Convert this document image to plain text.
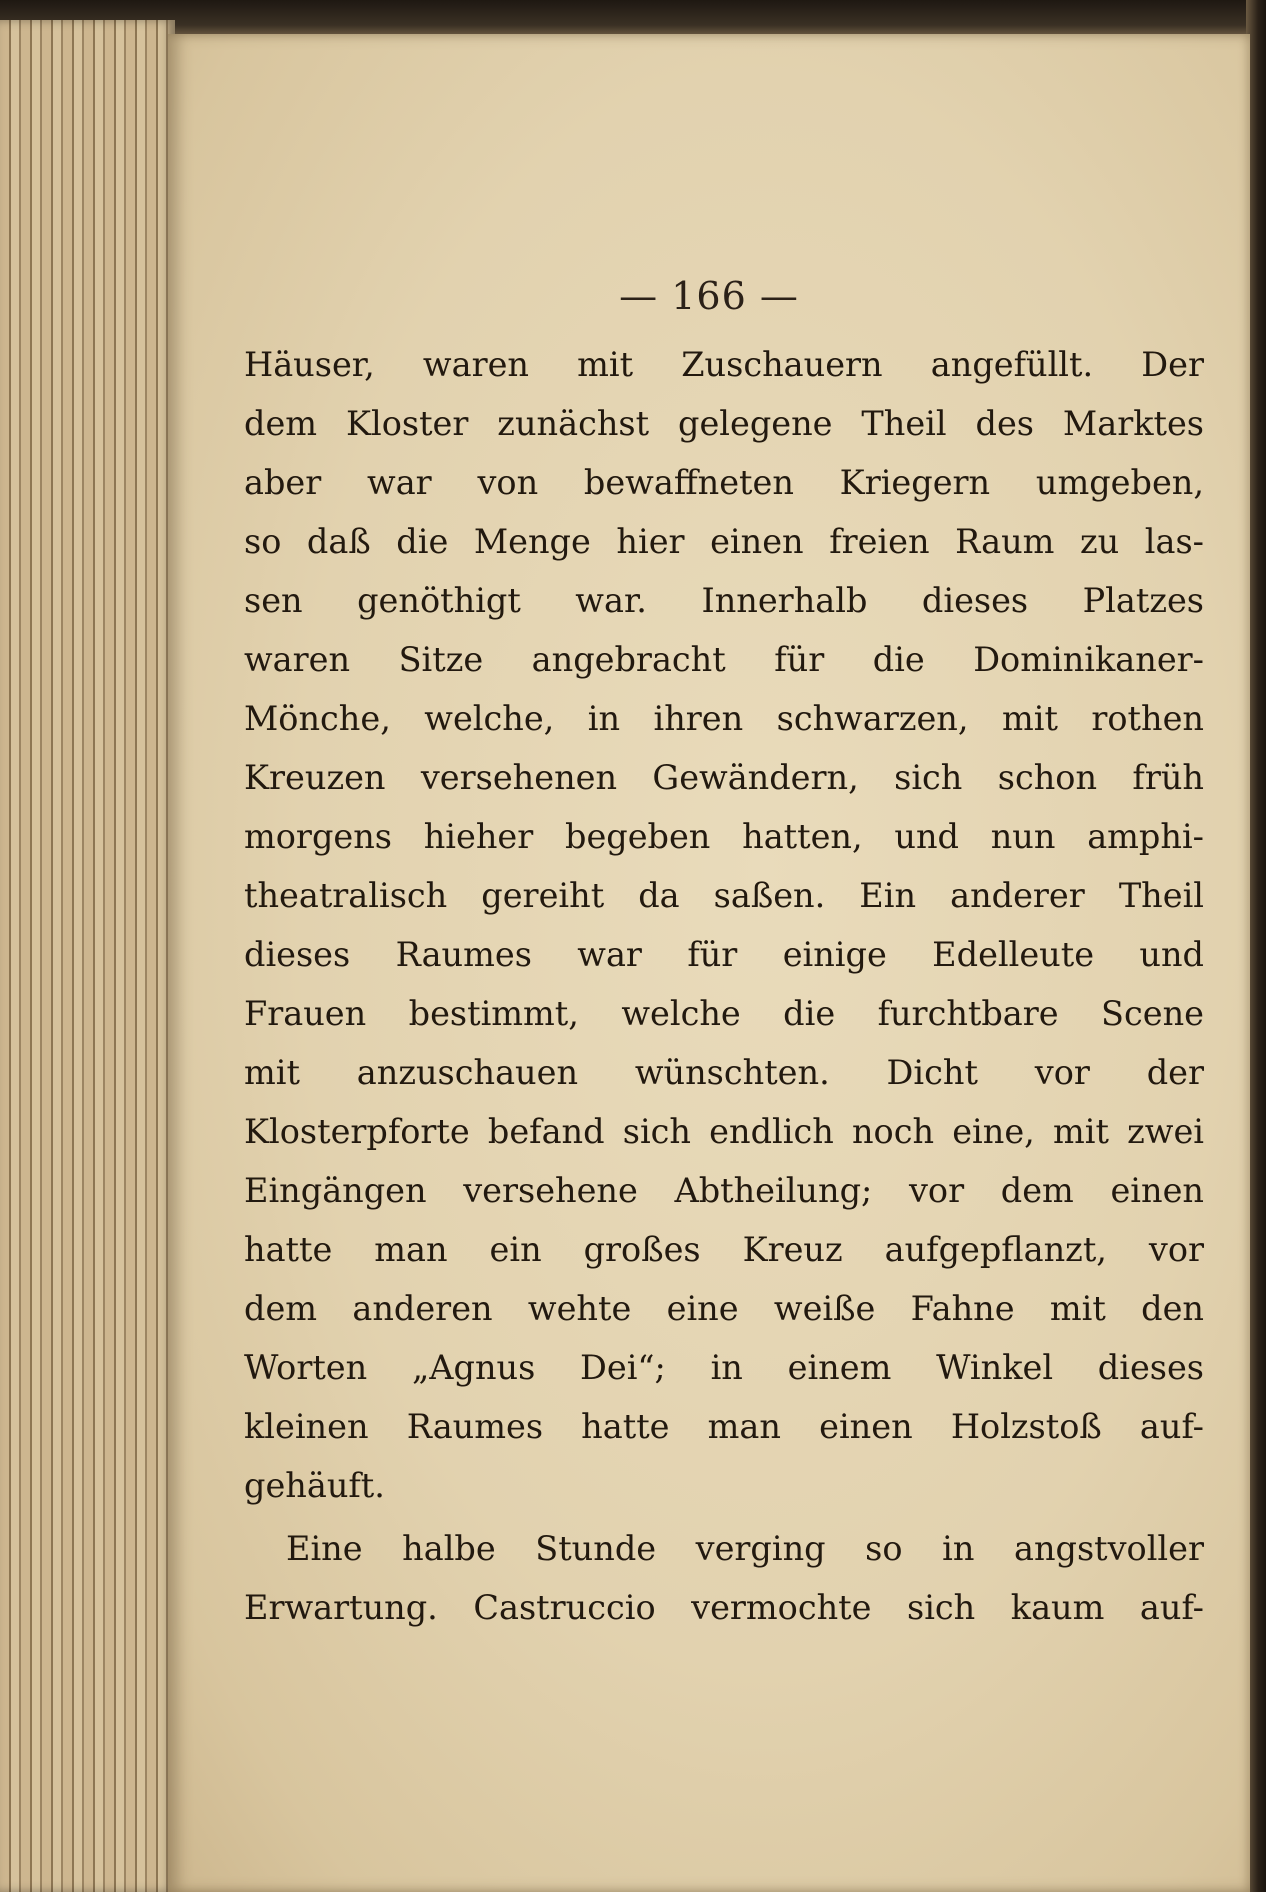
— 166 —
Häuser, waren mit Zuschauern angefüllt. Der
dem Kloster zunächst gelegene Theil des Marktes
aber war von bewaffneten Kriegern umgeben,
so daß die Menge hier einen freien Raum zu las-
sen genöthigt war. Innerhalb dieses Platzes
waren Sitze angebracht für die Dominikaner-
Mönche, welche, in ihren schwarzen, mit rothen
Kreuzen versehenen Gewändern, sich schon früh
morgens hieher begeben hatten, und nun amphi-
theatralisch gereiht da saßen. Ein anderer Theil
dieses Raumes war für einige Edelleute und
Frauen bestimmt, welche die furchtbare Scene
mit anzuschauen wünschten. Dicht vor der
Klosterpforte befand sich endlich noch eine, mit zwei
Eingängen versehene Abtheilung; vor dem einen
hatte man ein großes Kreuz aufgepflanzt, vor
dem anderen wehte eine weiße Fahne mit den
Worten „Agnus Dei“; in einem Winkel dieses
kleinen Raumes hatte man einen Holzstoß auf-
gehäuft.
Eine halbe Stunde verging so in angstvoller
Erwartung. Castruccio vermochte sich kaum auf-
